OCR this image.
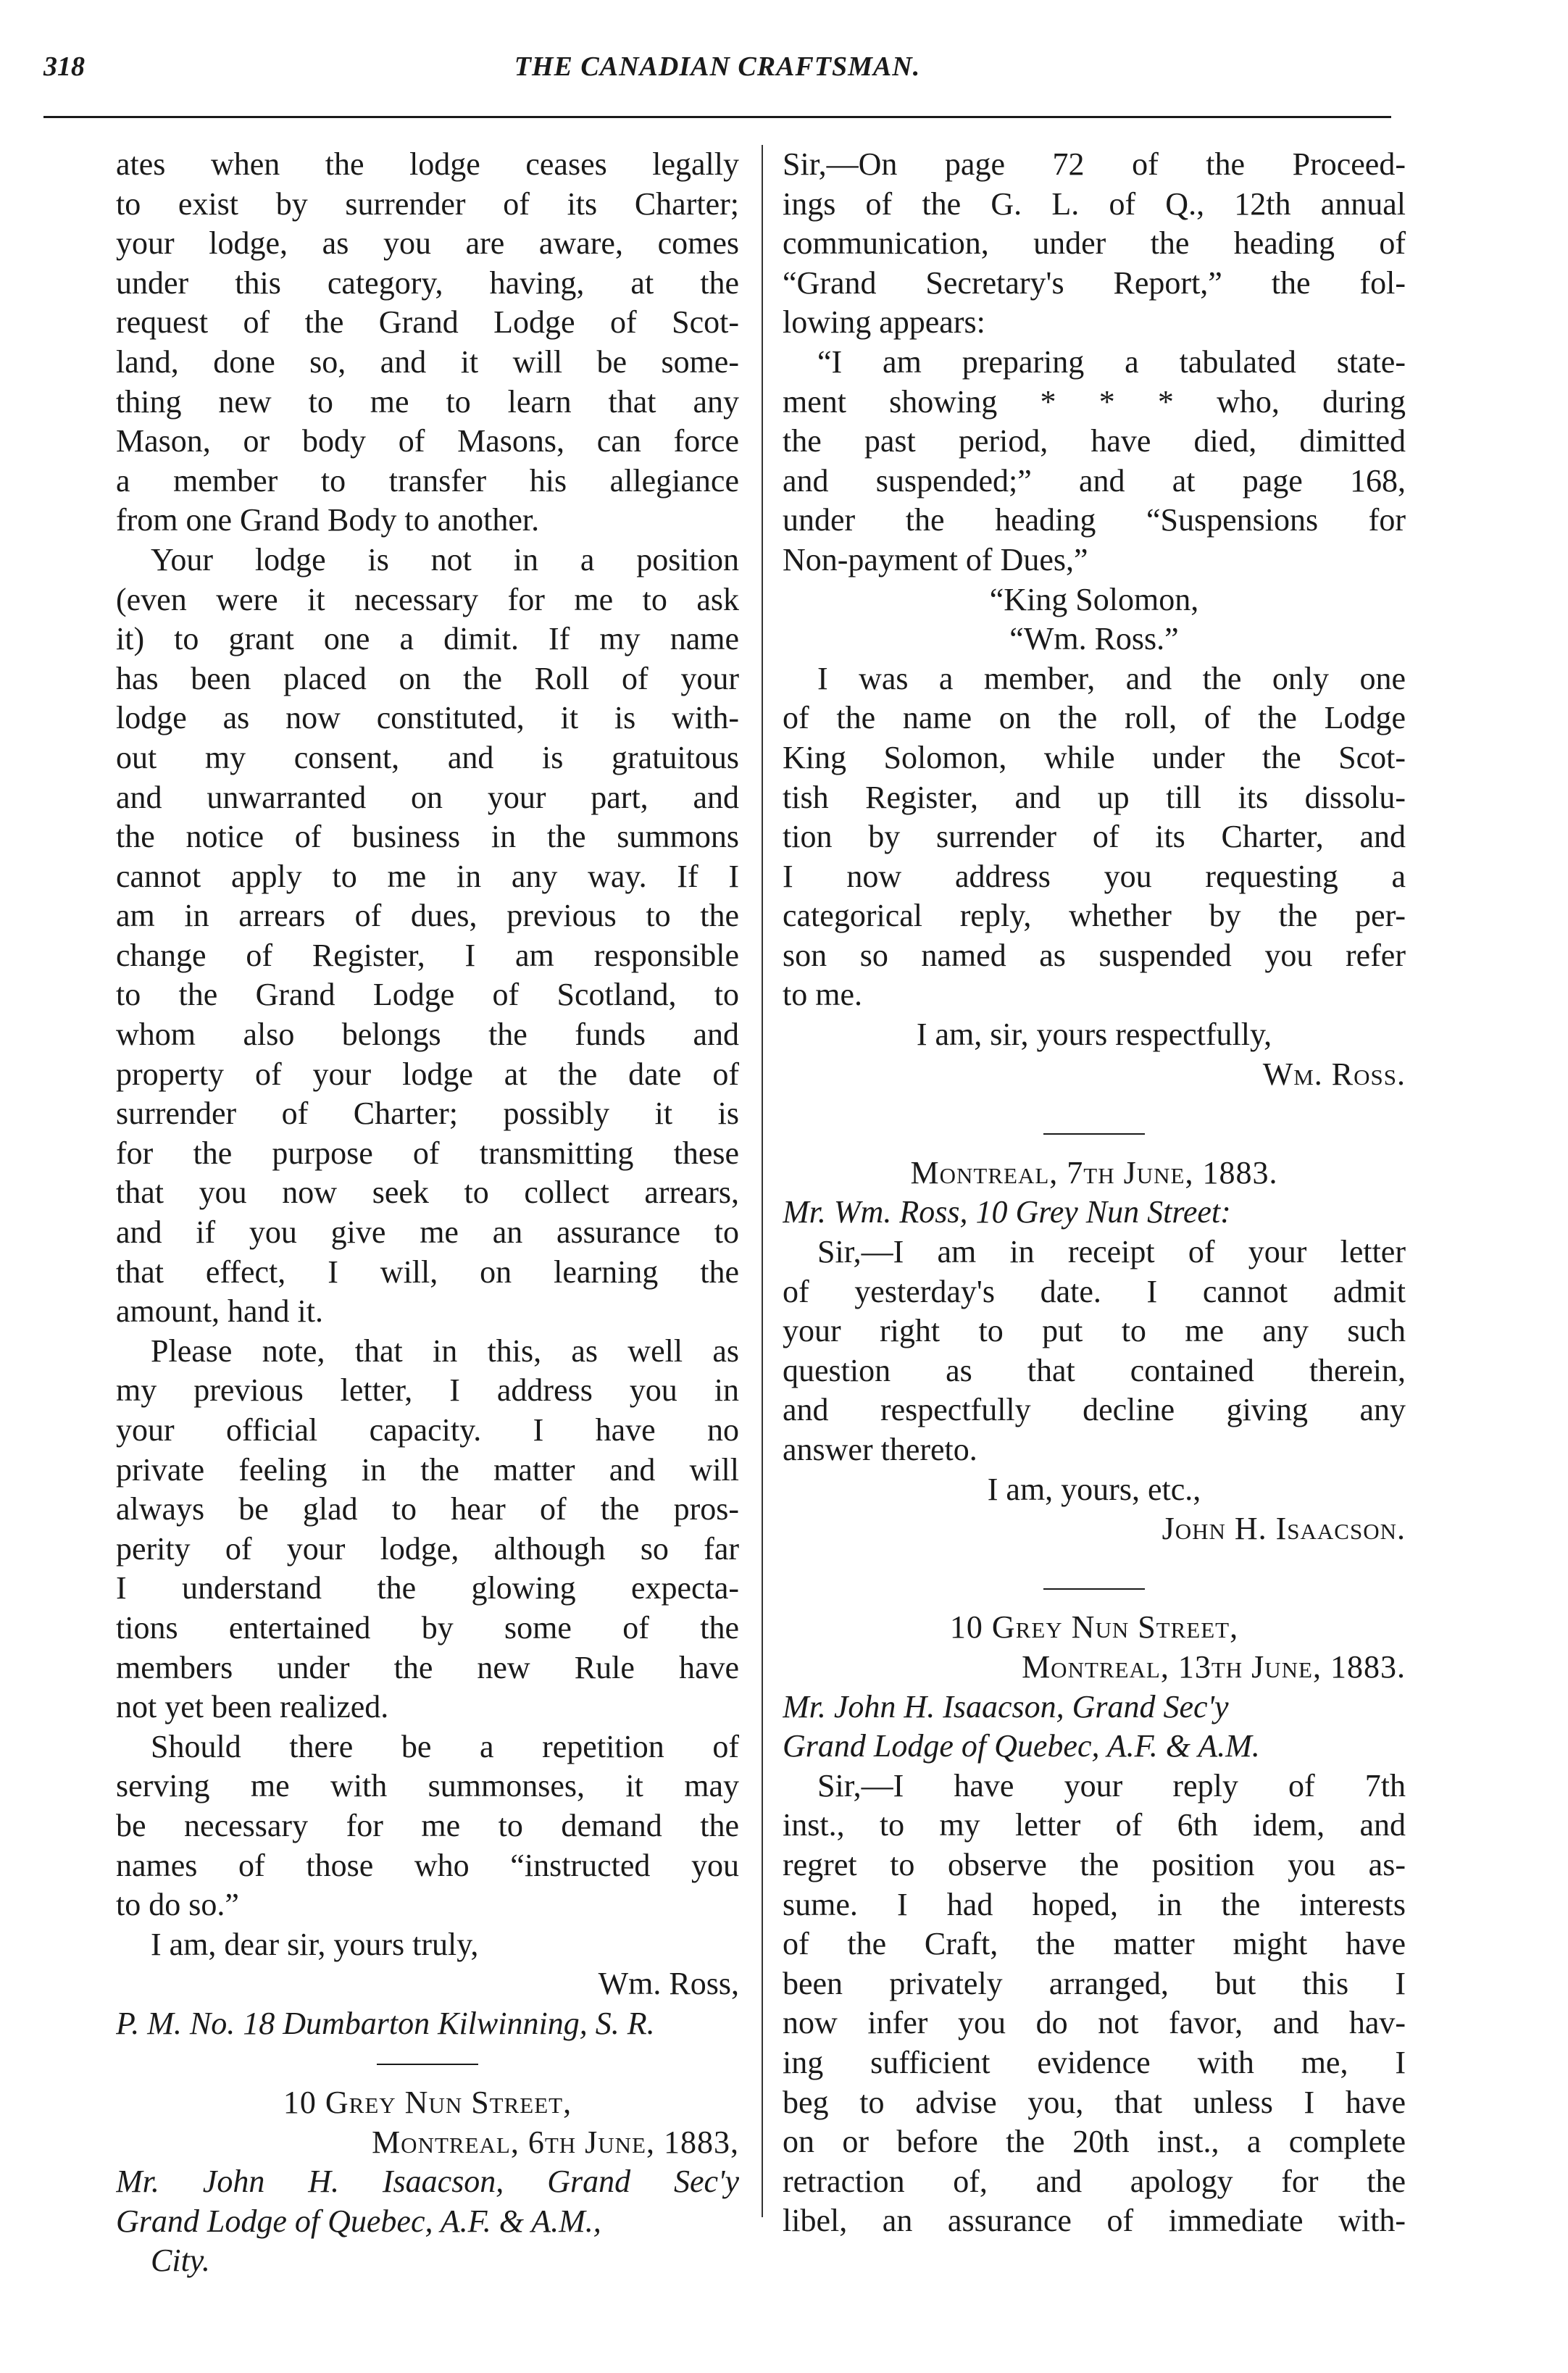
318	THE CANADIAN CRAFTSMAN.
ates when the lodge ceases legally
to exist by surrender of its Charter;
your lodge, as you are aware, comes
under this category, having, at the
request of the Grand Lodge of Scot-
land, done so, and it will be some-
thing new to me to learn that any
Mason, or body of Masons, can force
a member to transfer his allegiance
from one Grand Body to another.
Your lodge is not in a position
(even were it necessary for me to ask
it) to grant one a dimit. If my name
has been placed on the Roll of your
lodge as now constituted, it is with-
out my consent, and is gratuitous
and unwarranted on your part, and
the notice of business in the summons
cannot apply to me in any way. If I
am in arrears of dues, previous to the
change of Register, I am responsible
to the Grand Lodge of Scotland, to
whom also belongs the funds and
property of your lodge at the date of
surrender of Charter; possibly it is
for the purpose of transmitting these
that you now seek to collect arrears,
and if you give me an assurance to
that effect, I will, on learning the
amount, hand it.
Please note, that in this, as well as
my previous letter, I address you in
your official capacity. I have no
private feeling in the matter and will
always be glad to hear of the pros-
perity of your lodge, although so far
I understand the glowing expecta-
tions entertained by some of the
members under the new Rule have
not yet been realized.
Should there be a repetition of
serving me with summonses, it may
be necessary for me to demand the
names of those who “instructed you
to do so.”
I am, dear sir, yours truly,
Wm. Ross,
P. M. No. 18 Dumbarton Kilwinning, S. R.
10 Grey Nun Street,
Montreal, 6th June, 1883,
Mr. John H. Isaacson, Grand Sec'y
Grand Lodge of Quebec, A.F. & A.M.,
City.
Sir,—On page 72 of the Proceed-
ings of the G. L. of Q., 12th annual
communication, under the heading of
“Grand Secretary's Report,” the fol-
lowing appears:
“I am preparing a tabulated state-
ment showing * * * who, during
the past period, have died, dimitted
and suspended;” and at page 168,
under the heading “Suspensions for
Non-payment of Dues,”
“King Solomon,
“Wm. Ross.”
I was a member, and the only one
of the name on the roll, of the Lodge
King Solomon, while under the Scot-
tish Register, and up till its dissolu-
tion by surrender of its Charter, and
I now address you requesting a
categorical reply, whether by the per-
son so named as suspended you refer
to me.
I am, sir, yours respectfully,
Wm. Ross.
Montreal, 7th June, 1883.
Mr. Wm. Ross, 10 Grey Nun Street:
Sir,—I am in receipt of your letter
of yesterday's date. I cannot admit
your right to put to me any such
question as that contained therein,
and respectfully decline giving any
answer thereto.
I am, yours, etc.,
John H. Isaacson.
10 Grey Nun Street,
Montreal, 13th June, 1883.
Mr. John H. Isaacson, Grand Sec'y
Grand Lodge of Quebec, A.F. & A.M.
Sir,—I have your reply of 7th
inst., to my letter of 6th idem, and
regret to observe the position you as-
sume. I had hoped, in the interests
of the Craft, the matter might have
been privately arranged, but this I
now infer you do not favor, and hav-
ing sufficient evidence with me, I
beg to advise you, that unless I have
on or before the 20th inst., a complete
retraction of, and apology for the
libel, an assurance of immediate with-
